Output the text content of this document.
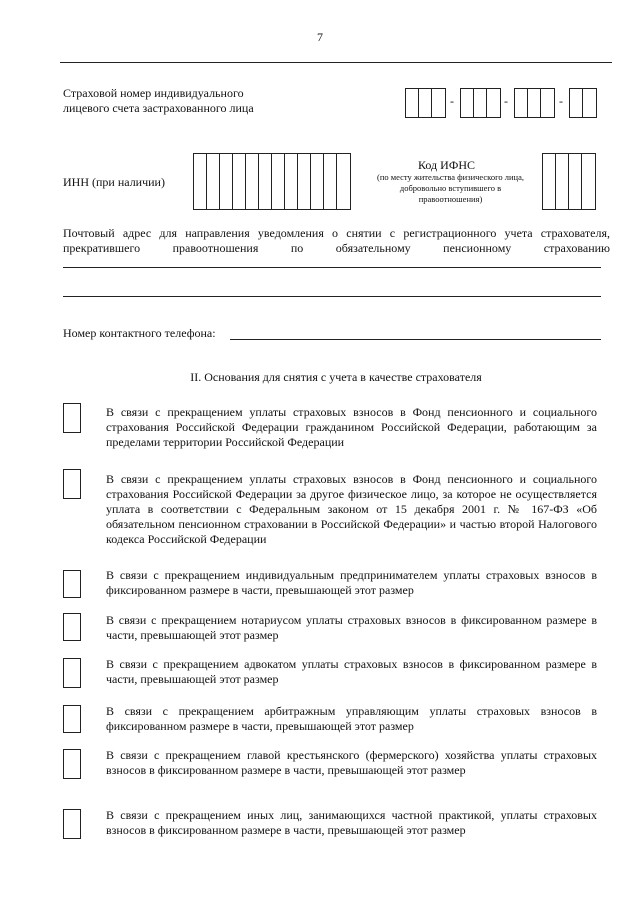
7
Страховой номер индивидуального
лицевого счета застрахованного лица	-	-	-
ИНН (при наличии)
Код ИФНС
(по месту жительства физического лица, добровольно вступившего в правоотношения)
Почтовый адрес для направления уведомления о снятии с регистрационного учета страхователя, прекратившего правоотношения по обязательному пенсионному страхованию
Номер контактного телефона:
II. Основания для снятия с учета в качестве страхователя
В связи с прекращением уплаты страховых взносов в Фонд пенсионного и социального страхования Российской Федерации гражданином Российской Федерации, работающим за пределами территории Российской Федерации
В связи с прекращением уплаты страховых взносов в Фонд пенсионного и социального страхования Российской Федерации за другое физическое лицо, за которое не осуществляется уплата в соответствии с Федеральным законом от 15 декабря 2001 г. № 167-ФЗ «Об обязательном пенсионном страховании в Российской Федерации» и частью второй Налогового кодекса Российской Федерации
В связи с прекращением индивидуальным предпринимателем уплаты страховых взносов в фиксированном размере в части, превышающей этот размер
В связи с прекращением нотариусом уплаты страховых взносов в фиксированном размере в части, превышающей этот размер
В связи с прекращением адвокатом уплаты страховых взносов в фиксированном размере в части, превышающей этот размер
В связи с прекращением арбитражным управляющим уплаты страховых взносов в фиксированном размере в части, превышающей этот размер
В связи с прекращением главой крестьянского (фермерского) хозяйства уплаты страховых взносов в фиксированном размере в части, превышающей этот размер
В связи с прекращением иных лиц, занимающихся частной практикой, уплаты страховых взносов в фиксированном размере в части, превышающей этот размер
